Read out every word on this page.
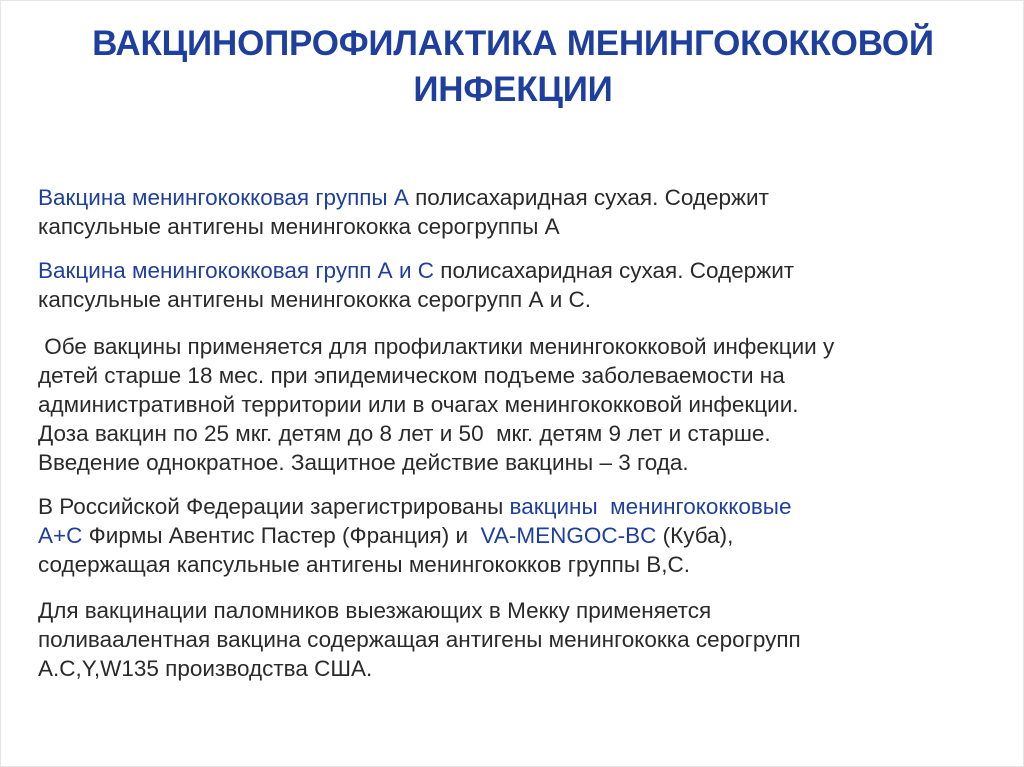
ВАКЦИНОПРОФИЛАКТИКА МЕНИНГОКОККОВОЙ
ИНФЕКЦИИ

Вакцина менингококковая группы А полисахаридная сухая. Содержит
капсульные антигены менингококка серогруппы А

Вакцина менингококковая групп А и С полисахаридная сухая. Содержит
капсульные антигены менингококка серогрупп А и С.

Обе вакцины применяется для профилактики менингококковой инфекции у
детей старше 18 мес. при эпидемическом подъеме заболеваемости на
административной территории или в очагах менингококковой инфекции.
Доза вакцин по 25 мкг. детям до 8 лет и 50  мкг. детям 9 лет и старше.
Введение однократное. Защитное действие вакцины – 3 года.

В Российской Федерации зарегистрированы вакцины  менингококковые
А+С Фирмы Авентис Пастер (Франция) и  VA-MENGOC-BC (Куба),
содержащая капсульные антигены менингококков группы В,С.

Для вакцинации паломников выезжающих в Мекку применяется
поливаалентная вакцина содержащая антигены менингококка серогрупп
А.С,Y,W135 производства США.
